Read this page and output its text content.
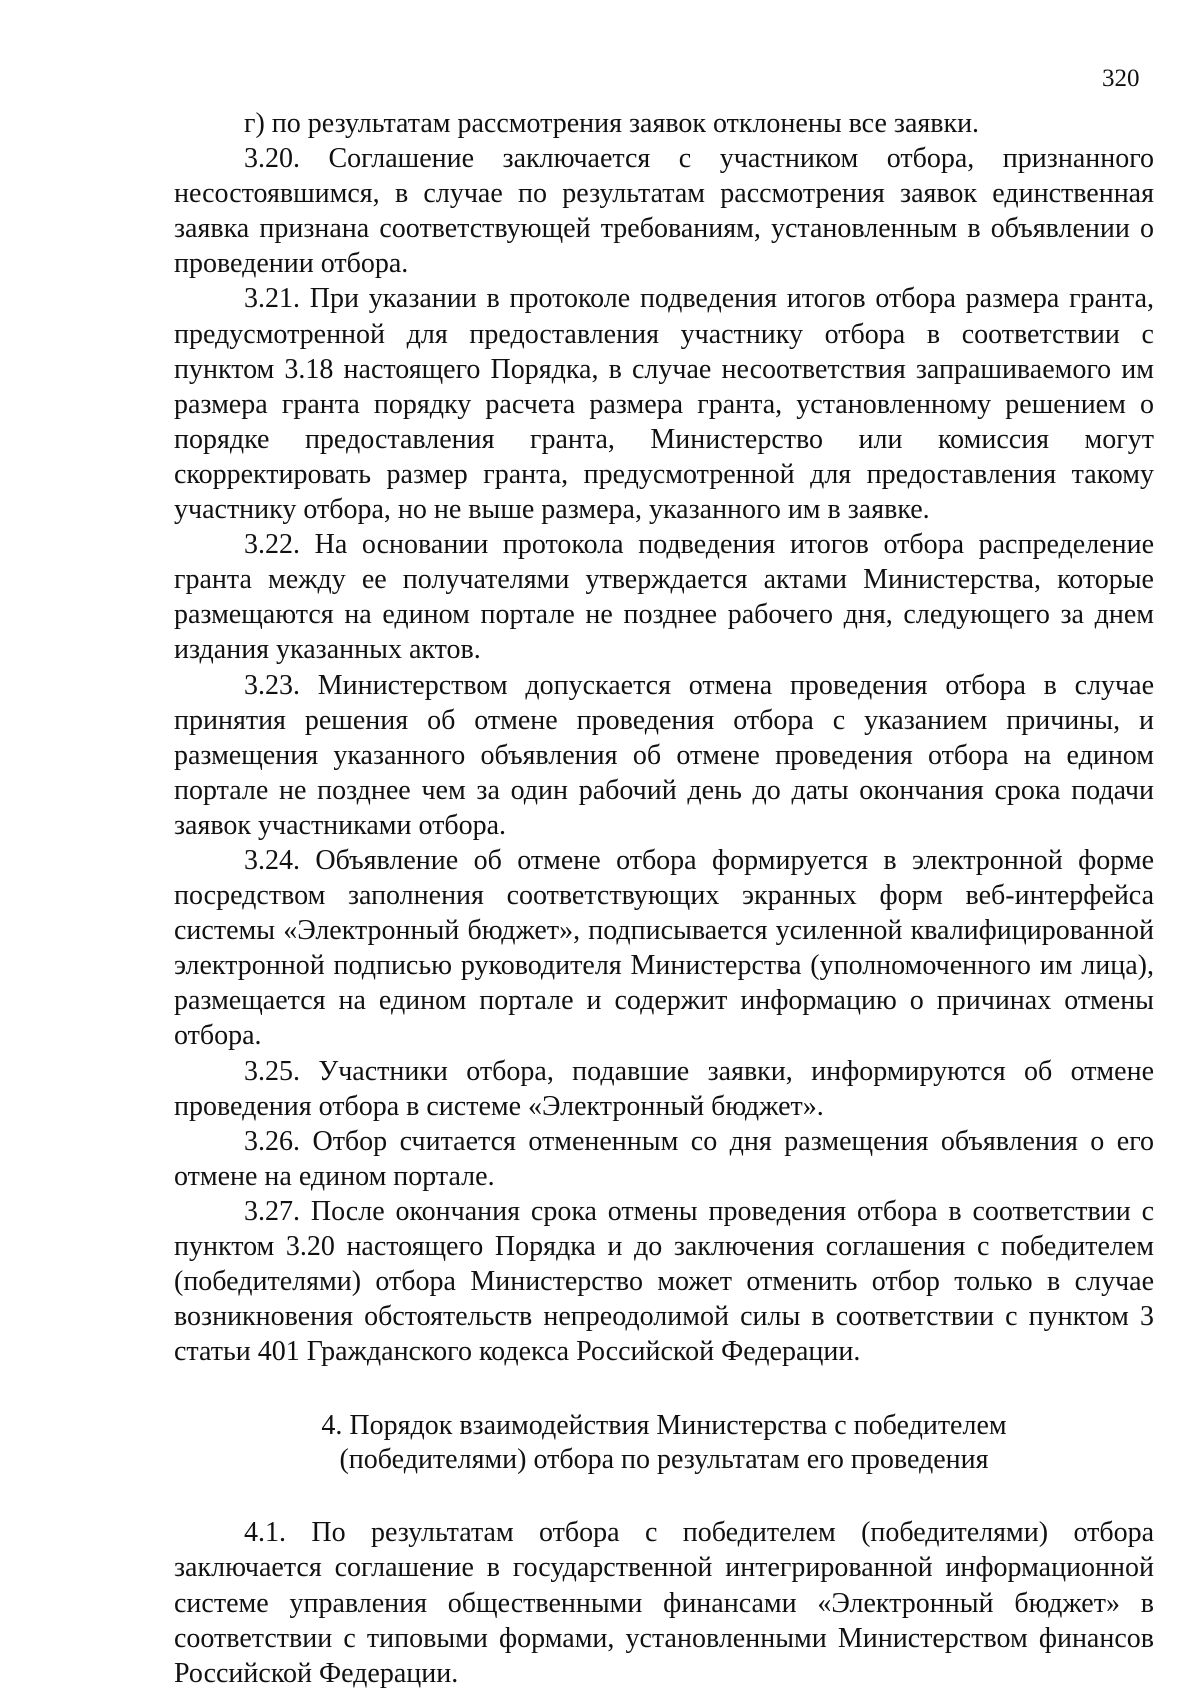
320

г) по результатам рассмотрения заявок отклонены все заявки.

3.20. Соглашение заключается с участником отбора, признанного несостоявшимся, в случае по результатам рассмотрения заявок единственная заявка признана соответствующей требованиям, установленным в объявлении о проведении отбора.

3.21. При указании в протоколе подведения итогов отбора размера гранта, предусмотренной для предоставления участнику отбора в соответствии с пунктом 3.18 настоящего Порядка, в случае несоответствия запрашиваемого им размера гранта порядку расчета размера гранта, установленному решением о порядке предоставления гранта, Министерство или комиссия могут скорректировать размер гранта, предусмотренной для предоставления такому участнику отбора, но не выше размера, указанного им в заявке.

3.22. На основании протокола подведения итогов отбора распределение гранта между ее получателями утверждается актами Министерства, которые размещаются на едином портале не позднее рабочего дня, следующего за днем издания указанных актов.

3.23. Министерством допускается отмена проведения отбора в случае принятия решения об отмене проведения отбора с указанием причины, и размещения указанного объявления об отмене проведения отбора на едином портале не позднее чем за один рабочий день до даты окончания срока подачи заявок участниками отбора.

3.24. Объявление об отмене отбора формируется в электронной форме посредством заполнения соответствующих экранных форм веб-интерфейса системы «Электронный бюджет», подписывается усиленной квалифицированной электронной подписью руководителя Министерства (уполномоченного им лица), размещается на едином портале и содержит информацию о причинах отмены отбора.

3.25. Участники отбора, подавшие заявки, информируются об отмене проведения отбора в системе «Электронный бюджет».

3.26. Отбор считается отмененным со дня размещения объявления о его отмене на едином портале.

3.27. После окончания срока отмены проведения отбора в соответствии с пунктом 3.20 настоящего Порядка и до заключения соглашения с победителем (победителями) отбора Министерство может отменить отбор только в случае возникновения обстоятельств непреодолимой силы в соответствии с пунктом 3 статьи 401 Гражданского кодекса Российской Федерации.

4. Порядок взаимодействия Министерства с победителем
(победителями) отбора по результатам его проведения

4.1. По результатам отбора с победителем (победителями) отбора заключается соглашение в государственной интегрированной информационной системе управления общественными финансами «Электронный бюджет» в соответствии с типовыми формами, установленными Министерством финансов Российской Федерации.
